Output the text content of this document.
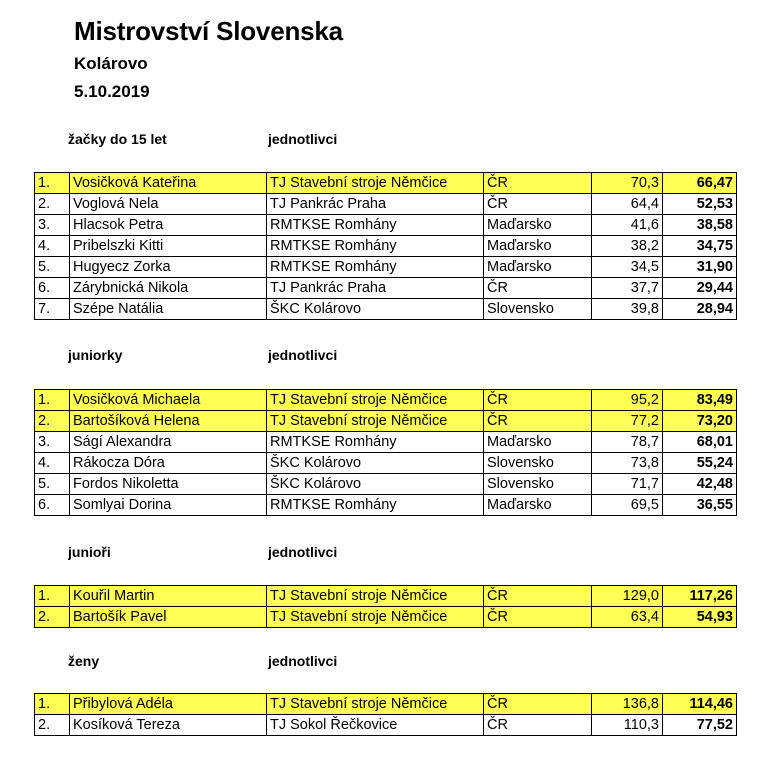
Mistrovství Slovenska
Kolárovo
5.10.2019
žačky do 15 let	jednotlivci
1.	Vosičková Kateřina	TJ Stavební stroje Němčice	ČR	70,3	66,47
2.	Voglová Nela	TJ Pankrác Praha	ČR	64,4	52,53
3.	Hlacsok Petra	RMTKSE Romhány	Maďarsko	41,6	38,58
4.	Pribelszki Kitti	RMTKSE Romhány	Maďarsko	38,2	34,75
5.	Hugyecz Zorka	RMTKSE Romhány	Maďarsko	34,5	31,90
6.	Zárybnická Nikola	TJ Pankrác Praha	ČR	37,7	29,44
7.	Szépe Natália	ŠKC Kolárovo	Slovensko	39,8	28,94
juniorky	jednotlivci
1.	Vosičková Michaela	TJ Stavební stroje Němčice	ČR	95,2	83,49
2.	Bartošíková Helena	TJ Stavební stroje Němčice	ČR	77,2	73,20
3.	Ságí Alexandra	RMTKSE Romhány	Maďarsko	78,7	68,01
4.	Rákocza Dóra	ŠKC Kolárovo	Slovensko	73,8	55,24
5.	Fordos Nikoletta	ŠKC Kolárovo	Slovensko	71,7	42,48
6.	Somlyai Dorina	RMTKSE Romhány	Maďarsko	69,5	36,55
junioři	jednotlivci
1.	Kouřil Martin	TJ Stavební stroje Němčice	ČR	129,0	117,26
2.	Bartošík Pavel	TJ Stavební stroje Němčice	ČR	63,4	54,93
ženy	jednotlivci
1.	Přibylová Adéla	TJ Stavební stroje Němčice	ČR	136,8	114,46
2.	Kosíková Tereza	TJ Sokol Řečkovice	ČR	110,3	77,52
